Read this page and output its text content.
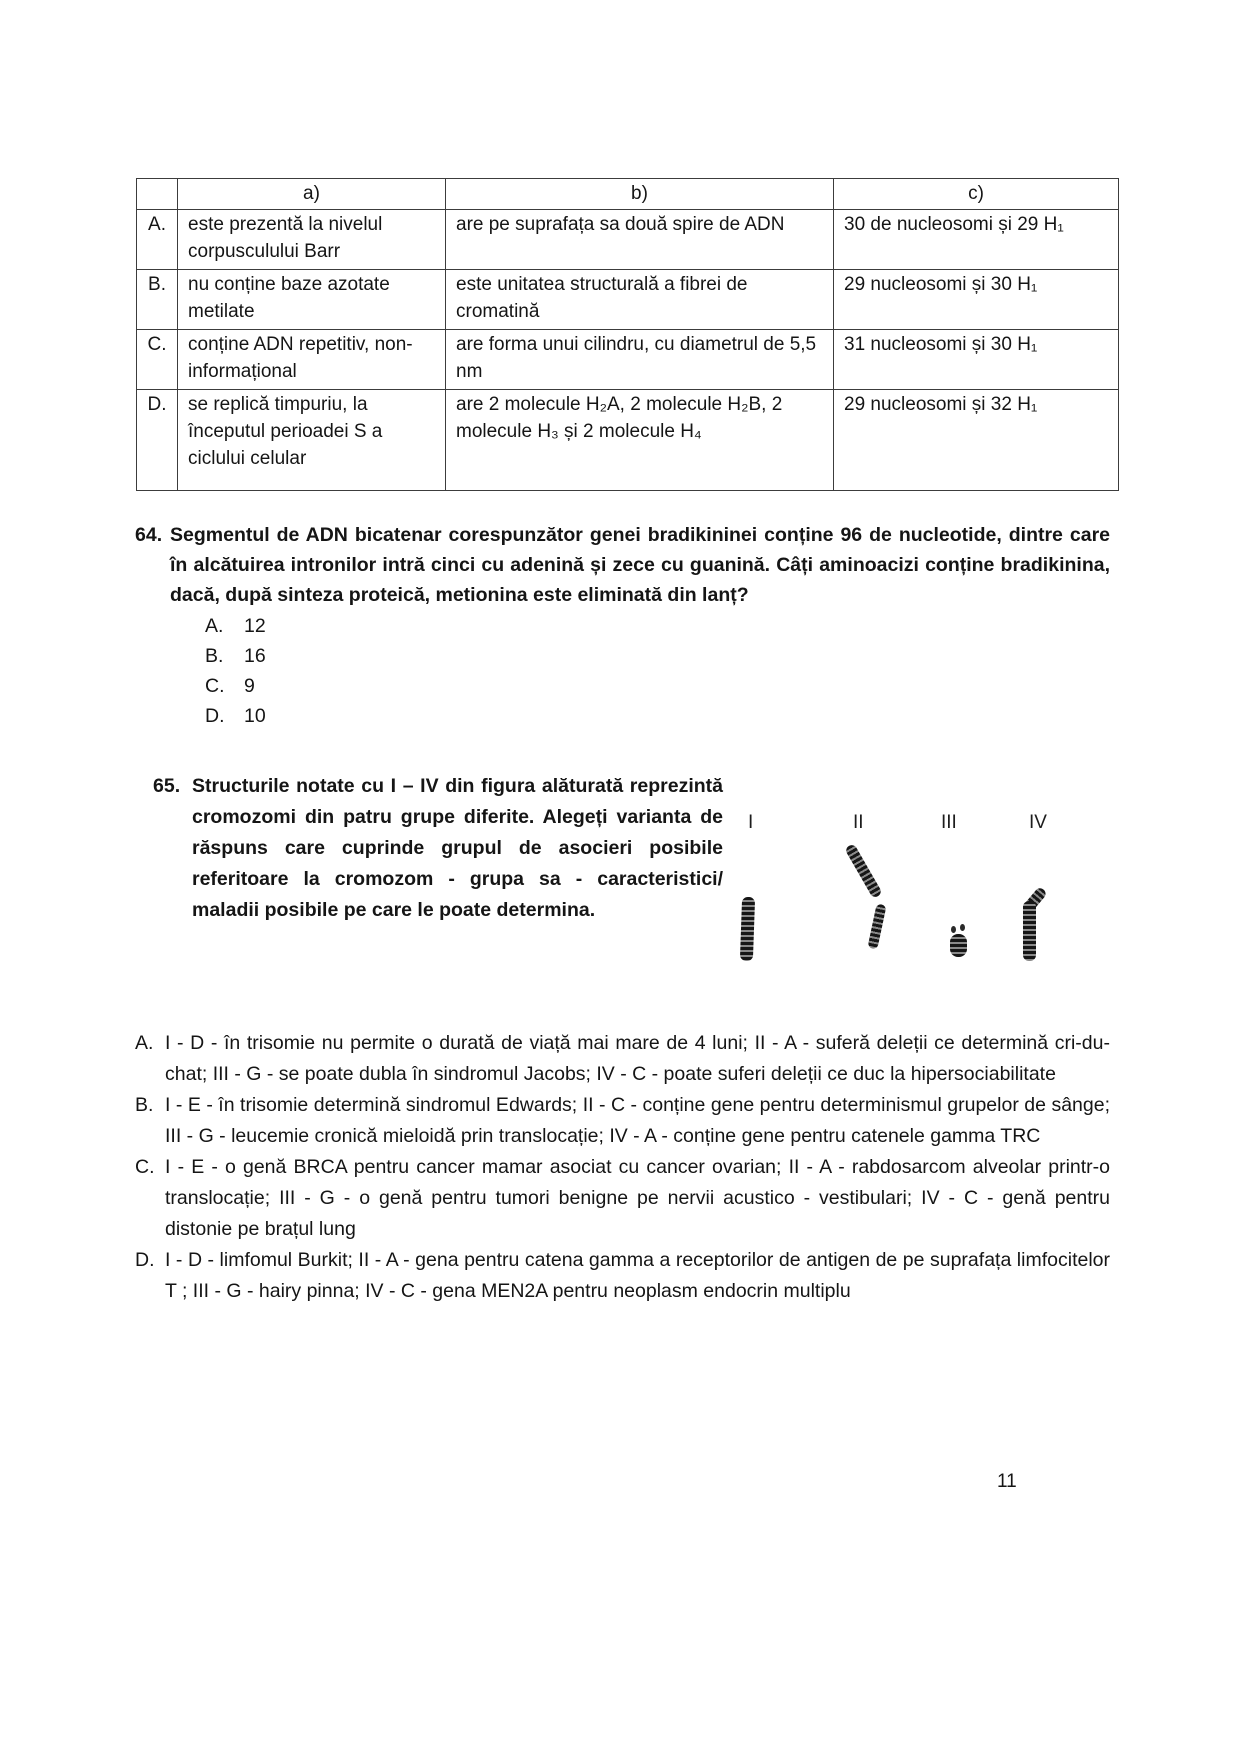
	a)	b)	c)
A.	este prezentă la nivelul corpusculului Barr	are pe suprafața sa două spire de ADN	30 de nucleosomi și 29 H₁
B.	nu conține baze azotate metilate	este unitatea structurală a fibrei de cromatină	29 nucleosomi și 30 H₁
C.	conține ADN repetitiv, non-informațional	are forma unui cilindru, cu diametrul de 5,5 nm	31 nucleosomi și 30 H₁
D.	se replică timpuriu, la începutul perioadei S a ciclului celular	are 2 molecule H₂A, 2 molecule H₂B, 2 molecule H₃ și 2 molecule H₄	29 nucleosomi și 32 H₁
64. Segmentul de ADN bicatenar corespunzător genei bradikininei conține 96 de nucleotide, dintre care în alcătuirea intronilor intră cinci cu adenină și zece cu guanină. Câți aminoacizi conține bradikinina, dacă, după sinteza proteică, metionina este eliminată din lanț?
A.	12
B.	16
C.	9
D.	10
65. Structurile notate cu I – IV din figura alăturată reprezintă cromozomi din patru grupe diferite. Alegeți varianta de răspuns care cuprinde grupul de asocieri posibile referitoare la cromozom - grupa sa - caracteristici/ maladii posibile pe care le poate determina.
I	II	III	IV
A. I - D - în trisomie nu permite o durată de viață mai mare de 4 luni; II - A - suferă deleții ce determină cri-du-chat; III - G - se poate dubla în sindromul Jacobs; IV - C - poate suferi deleții ce duc la hipersociabilitate
B. I - E - în trisomie determină sindromul Edwards; II - C - conține gene pentru determinismul grupelor de sânge; III - G - leucemie cronică mieloidă prin translocație; IV - A - conține gene pentru catenele gamma TRC
C. I - E - o genă BRCA pentru cancer mamar asociat cu cancer ovarian; II - A - rabdosarcom alveolar printr-o translocație; III - G - o genă pentru tumori benigne pe nervii acustico - vestibulari; IV - C - genă pentru distonie pe brațul lung
D. I - D - limfomul Burkit; II - A - gena pentru catena gamma a receptorilor de antigen de pe suprafața limfocitelor T ; III - G - hairy pinna; IV - C - gena MEN2A pentru neoplasm endocrin multiplu
11
